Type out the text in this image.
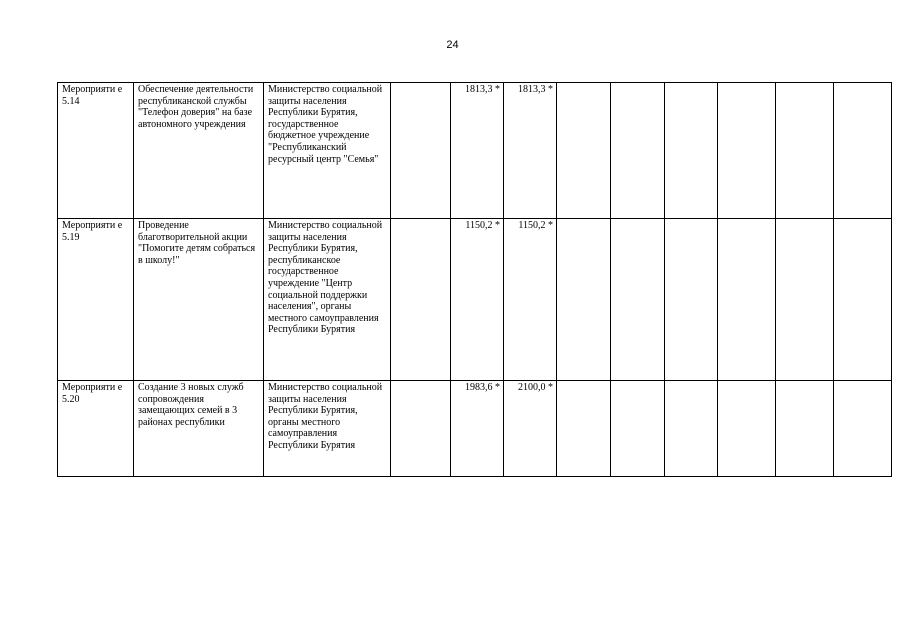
24
Мероприяти е 5.14	Обеспечение деятельности республиканской службы "Телефон доверия" на базе автономного учреждения	Министерство социальной защиты населения Республики Бурятия, государственное бюджетное учреждение "Республиканский ресурсный центр "Семья"		1813,3 *	1813,3 *						
Мероприяти е 5.19	Проведение благотворительной акции "Помогите детям собраться в школу!"	Министерство социальной защиты населения Республики Бурятия, республиканское государственное учреждение "Центр социальной поддержки населения", органы местного самоуправления Республики Бурятия		1150,2 *	1150,2 *						
Мероприяти е 5.20	Создание 3 новых служб сопровождения замещающих семей в 3 районах республики	Министерство социальной защиты населения Республики Бурятия, органы местного самоуправления Республики Бурятия		1983,6 *	2100,0 *						
